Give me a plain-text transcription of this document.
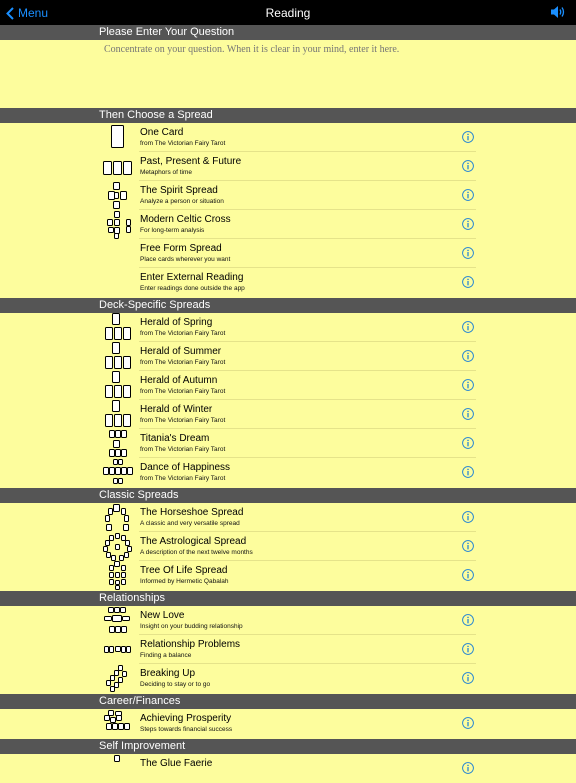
Menu	Reading
Please Enter Your Question
Concentrate on your question. When it is clear in your mind, enter it here.
Then Choose a Spread
One Card
from The Victorian Fairy Tarot
Past, Present & Future
Metaphors of time
The Spirit Spread
Analyze a person or situation
Modern Celtic Cross
For long-term analysis
Free Form Spread
Place cards wherever you want
Enter External Reading
Enter readings done outside the app
Deck-Specific Spreads
Herald of Spring
from The Victorian Fairy Tarot
Herald of Summer
from The Victorian Fairy Tarot
Herald of Autumn
from The Victorian Fairy Tarot
Herald of Winter
from The Victorian Fairy Tarot
Titania's Dream
from The Victorian Fairy Tarot
Dance of Happiness
from The Victorian Fairy Tarot
Classic Spreads
The Horseshoe Spread
A classic and very versatile spread
The Astrological Spread
A description of the next twelve months
Tree Of Life Spread
Informed by Hermetic Qabalah
Relationships
New Love
Insight on your budding relationship
Relationship Problems
Finding a balance
Breaking Up
Deciding to stay or to go
Career/Finances
Achieving Prosperity
Steps towards financial success
Self Improvement
The Glue Faerie
